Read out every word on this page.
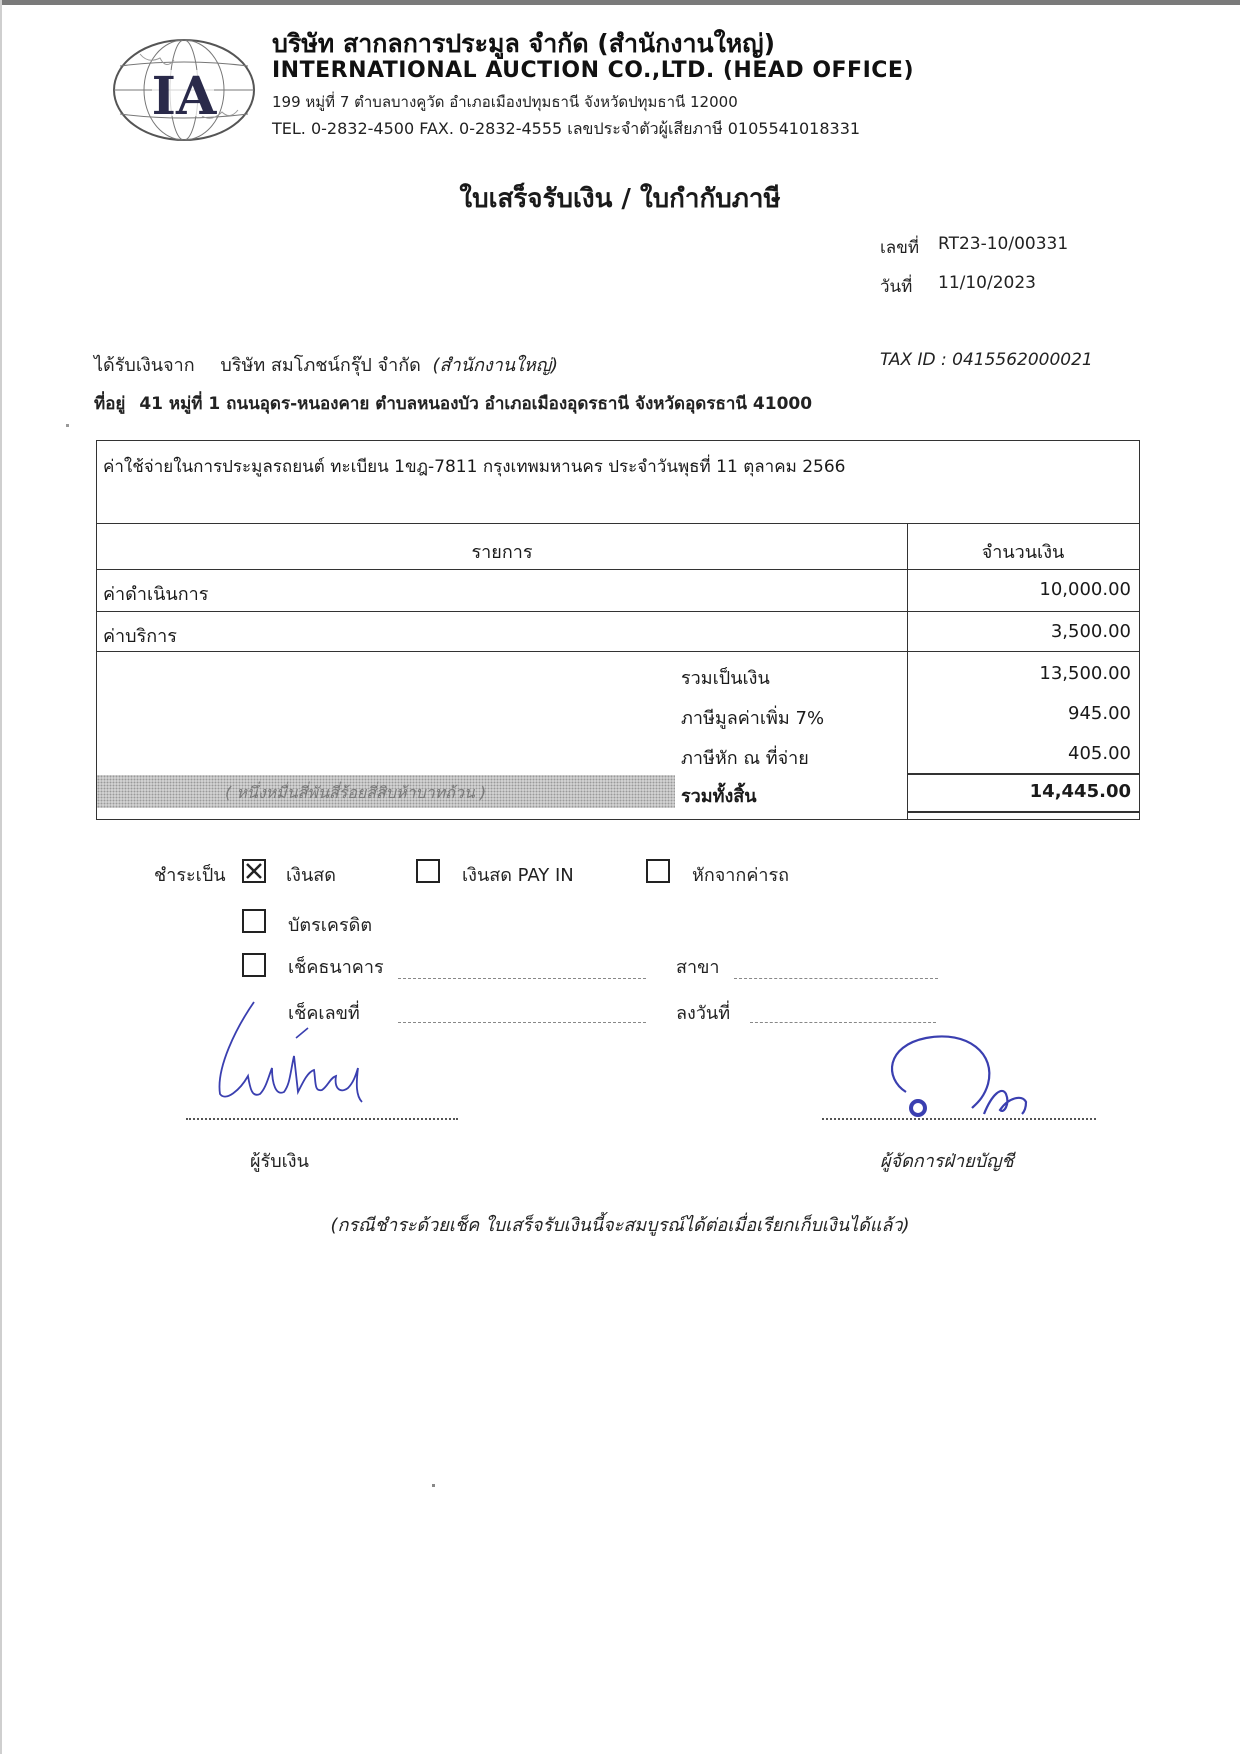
IA
บริษัท สากลการประมูล จำกัด (สำนักงานใหญ่)
INTERNATIONAL AUCTION CO.,LTD. (HEAD OFFICE)
199 หมู่ที่ 7 ตำบลบางคูวัด อำเภอเมืองปทุมธานี จังหวัดปทุมธานี 12000
TEL. 0-2832-4500 FAX. 0-2832-4555 เลขประจำตัวผู้เสียภาษี 0105541018331
ใบเสร็จรับเงิน / ใบกำกับภาษี
เลขที่ RT23-10/00331
วันที่ 11/10/2023
ได้รับเงินจาก บริษัท สมโภชน์กรุ๊ป จำกัด (สำนักงานใหญ่)	TAX ID : 0415562000021
ที่อยู่ 41 หมู่ที่ 1 ถนนอุดร-หนองคาย ตำบลหนองบัว อำเภอเมืองอุดรธานี จังหวัดอุดรธานี 41000
ค่าใช้จ่ายในการประมูลรถยนต์ ทะเบียน 1ขฎ-7811 กรุงเทพมหานคร ประจำวันพุธที่ 11 ตุลาคม 2566
รายการ	จำนวนเงิน
ค่าดำเนินการ	10,000.00
ค่าบริการ	3,500.00
รวมเป็นเงิน	13,500.00
ภาษีมูลค่าเพิ่ม 7%	945.00
ภาษีหัก ณ ที่จ่าย	405.00
( หนึ่งหมื่นสี่พันสี่ร้อยสี่สิบห้าบาทถ้วน )	รวมทั้งสิ้น	14,445.00
ชำระเป็น	เงินสด	เงินสด PAY IN	หักจากค่ารถ
บัตรเครดิต
เช็คธนาคาร	สาขา
เช็คเลขที่	ลงวันที่
ผู้รับเงิน	ผู้จัดการฝ่ายบัญชี
(กรณีชำระด้วยเช็ค ใบเสร็จรับเงินนี้จะสมบูรณ์ได้ต่อเมื่อเรียกเก็บเงินได้แล้ว)
